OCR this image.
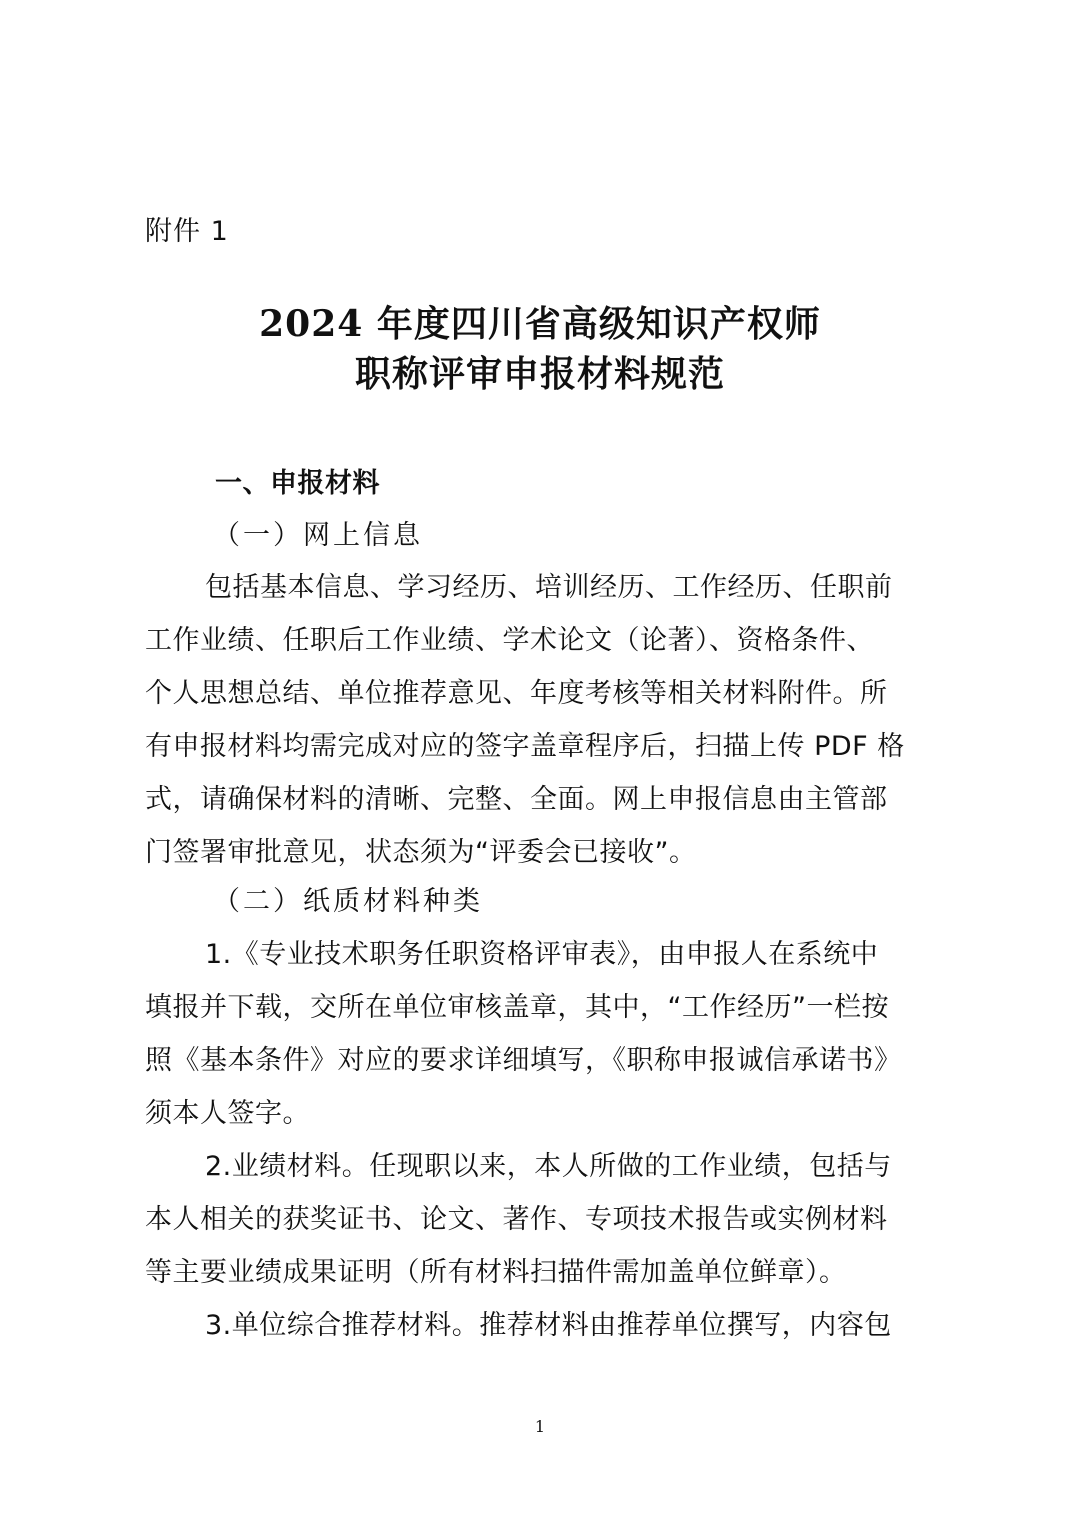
附件 1
2024 年度四川省高级知识产权师
职称评审申报材料规范
一、申报材料
（一）网上信息
包括基本信息、学习经历、培训经历、工作经历、任职前
工作业绩、任职后工作业绩、学术论文（论著）、资格条件、
个人思想总结、单位推荐意见、年度考核等相关材料附件。所
有申报材料均需完成对应的签字盖章程序后，扫描上传 PDF 格
式，请确保材料的清晰、完整、全面。网上申报信息由主管部
门签署审批意见，状态须为“评委会已接收”。
（二）纸质材料种类
1.《专业技术职务任职资格评审表》，由申报人在系统中
填报并下载，交所在单位审核盖章，其中，“工作经历”一栏按
照《基本条件》对应的要求详细填写，《职称申报诚信承诺书》
须本人签字。
2.业绩材料。任现职以来，本人所做的工作业绩，包括与
本人相关的获奖证书、论文、著作、专项技术报告或实例材料
等主要业绩成果证明（所有材料扫描件需加盖单位鲜章）。
3.单位综合推荐材料。推荐材料由推荐单位撰写，内容包
1
